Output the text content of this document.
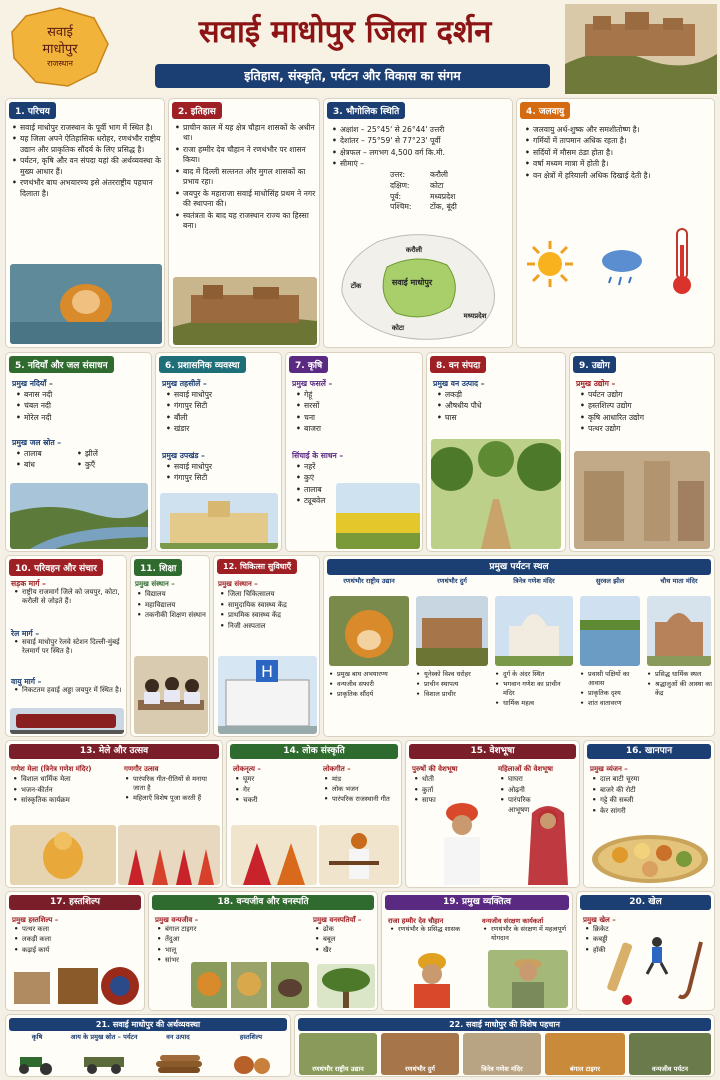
सवाई
माधोपुर
राजस्थान
सवाई माधोपुर जिला दर्शन
इतिहास, संस्कृति, पर्यटन और विकास का संगम
1. परिचय
• सवाई माधोपुर राजस्थान के पूर्वी भाग में स्थित है।
• यह जिला अपने ऐतिहासिक धरोहर, रणथंभौर राष्ट्रीय उद्यान और प्राकृतिक सौंदर्य के लिए प्रसिद्ध है।
• पर्यटन, कृषि और वन संपदा यहां की अर्थव्यवस्था के मुख्य आधार हैं।
• रणथंभौर बाघ अभयारण्य इसे अंतरराष्ट्रीय पहचान दिलाता है।
2. इतिहास
• प्राचीन काल में यह क्षेत्र चौहान शासकों के अधीन था।
• राजा हम्मीर देव चौहान ने रणथंभौर पर शासन किया।
• बाद में दिल्ली सल्तनत और मुगल शासकों का प्रभाव रहा।
• जयपुर के महाराजा सवाई माधोसिंह प्रथम ने नगर की स्थापना की।
• स्वतंत्रता के बाद यह राजस्थान राज्य का हिस्सा बना।
3. भौगोलिक स्थिति
• अक्षांश – 25°45' से 26°44' उत्तरी
• देशांतर – 75°59' से 77°23' पूर्वी
• क्षेत्रफल – लगभग 4,500 वर्ग कि.मी.
• सीमाएं –
उत्तर:	करौली
दक्षिण:	कोटा
पूर्व:	मध्यप्रदेश
पश्चिम: टोंक, बूंदी
करौली
सवाई माधोपुर
टोंक
कोटा
मध्यप्रदेश
4. जलवायु
• जलवायु अर्ध-शुष्क और समशीतोष्ण है।
• गर्मियों में तापमान अधिक रहता है।
• सर्दियों में मौसम ठंडा होता है।
• वर्षा मध्यम मात्रा में होती है।
• वन क्षेत्रों में हरियाली अधिक दिखाई देती है।
5. नदियाँ और जल संसाधन
प्रमुख नदियाँ –
• बनास नदी
• चंबल नदी
• मोरेल नदी
प्रमुख जल स्रोत –
• तालाब
• बांध
• झीलें
• कुएँ
6. प्रशासनिक व्यवस्था
प्रमुख तहसीलें –
• सवाई माधोपुर
• गंगापुर सिटी
• बौंली
• खंडार
प्रमुख उपखंड –
• सवाई माधोपुर
• गंगापुर सिटी
7. कृषि
प्रमुख फसलें –
• गेहूं
• सरसों
• चना
• बाजरा
सिंचाई के साधन –
• नहरें
• कुएं
• तालाब
• ट्यूबवेल
8. वन संपदा
प्रमुख वन उत्पाद –
• लकड़ी
• औषधीय पौधे
• घास
9. उद्योग
प्रमुख उद्योग –
• पर्यटन उद्योग
• हस्तशिल्प उद्योग
• कृषि आधारित उद्योग
• पत्थर उद्योग
10. परिवहन और संचार
सड़क मार्ग –
• राष्ट्रीय राजमार्ग जिले को जयपुर, कोटा, करौली से जोड़ते हैं।
रेल मार्ग –
• सवाई माधोपुर रेलवे स्टेशन दिल्ली-मुंबई रेलमार्ग पर स्थित है।
वायु मार्ग –
• निकटतम हवाई अड्डा जयपुर में स्थित है।
11. शिक्षा
प्रमुख संस्थान –
• विद्यालय
• महाविद्यालय
• तकनीकी शिक्षण संस्थान
12. चिकित्सा सुविधाएँ
प्रमुख संस्थान –
• जिला चिकित्सालय
• सामुदायिक स्वास्थ्य केंद्र
• प्राथमिक स्वास्थ्य केंद्र
• निजी अस्पताल
H
प्रमुख पर्यटन स्थल
रणथंभौर राष्ट्रीय उद्यान
• प्रमुख बाघ अभयारण्य
• वन्यजीव सफारी
• प्राकृतिक सौंदर्य
रणथंभौर दुर्ग
• यूनेस्को विश्व धरोहर
• प्राचीन स्थापत्य
• विशाल प्राचीर
त्रिनेत्र गणेश मंदिर
• दुर्ग के अंदर स्थित
• भगवान गणेश का प्राचीन मंदिर
• धार्मिक महत्व
सुरवल झील
• प्रवासी पक्षियों का आवास
• प्राकृतिक दृश्य
• शांत वातावरण
चौथ माता मंदिर
• प्रसिद्ध धार्मिक स्थल
• श्रद्धालुओं की आस्था का केंद्र
13. मेले और उत्सव
गणेश मेला (त्रिनेत्र गणेश मंदिर)
• विशाल धार्मिक मेला
• भजन-कीर्तन
• सांस्कृतिक कार्यक्रम
गणगौर उत्सव
• पारंपरिक गीत-रीतियों से मनाया जाता है
• महिलाएँ विशेष पूजा करती हैं
14. लोक संस्कृति
लोकनृत्य –
• घूमर
• गेर
• चकरी
लोकगीत –
• मांड
• लोक भजन
• पारंपरिक राजस्थानी गीत
15. वेशभूषा
पुरुषों की वेशभूषा
• धोती
• कुर्ता
• साफा
महिलाओं की वेशभूषा
• घाघरा
• ओढ़नी
• पारंपरिक आभूषण
16. खानपान
प्रमुख व्यंजन –
• दाल बाटी चूरमा
• बाजरे की रोटी
• गट्टे की सब्जी
• केर सांगरी
17. हस्तशिल्प
प्रमुख हस्तशिल्प –
• पत्थर कला
• लकड़ी कला
• कढ़ाई कार्य
18. वन्यजीव और वनस्पति
प्रमुख वन्यजीव –
• बंगाल टाइगर
• तेंदुआ
• भालू
• सांभर
प्रमुख वनस्पतियाँ –
• ढोक
• बबूल
• खैर
19. प्रमुख व्यक्तित्व
राजा हम्मीर देव चौहान
• रणथंभौर के प्रसिद्ध शासक
वन्यजीव संरक्षण कार्यकर्ता
• रणथंभौर के संरक्षण में महत्वपूर्ण योगदान
20. खेल
प्रमुख खेल –
• क्रिकेट
• कबड्डी
• हॉकी
21. सवाई माधोपुर की अर्थव्यवस्था
कृषि	आय के प्रमुख स्रोत – पर्यटन	वन उत्पाद	हस्तशिल्प
22. सवाई माधोपुर की विशेष पहचान
रणथंभौर राष्ट्रीय उद्यान	रणथंभौर दुर्ग	त्रिनेत्र गणेश मंदिर	बंगाल टाइगर	वन्यजीव पर्यटन
